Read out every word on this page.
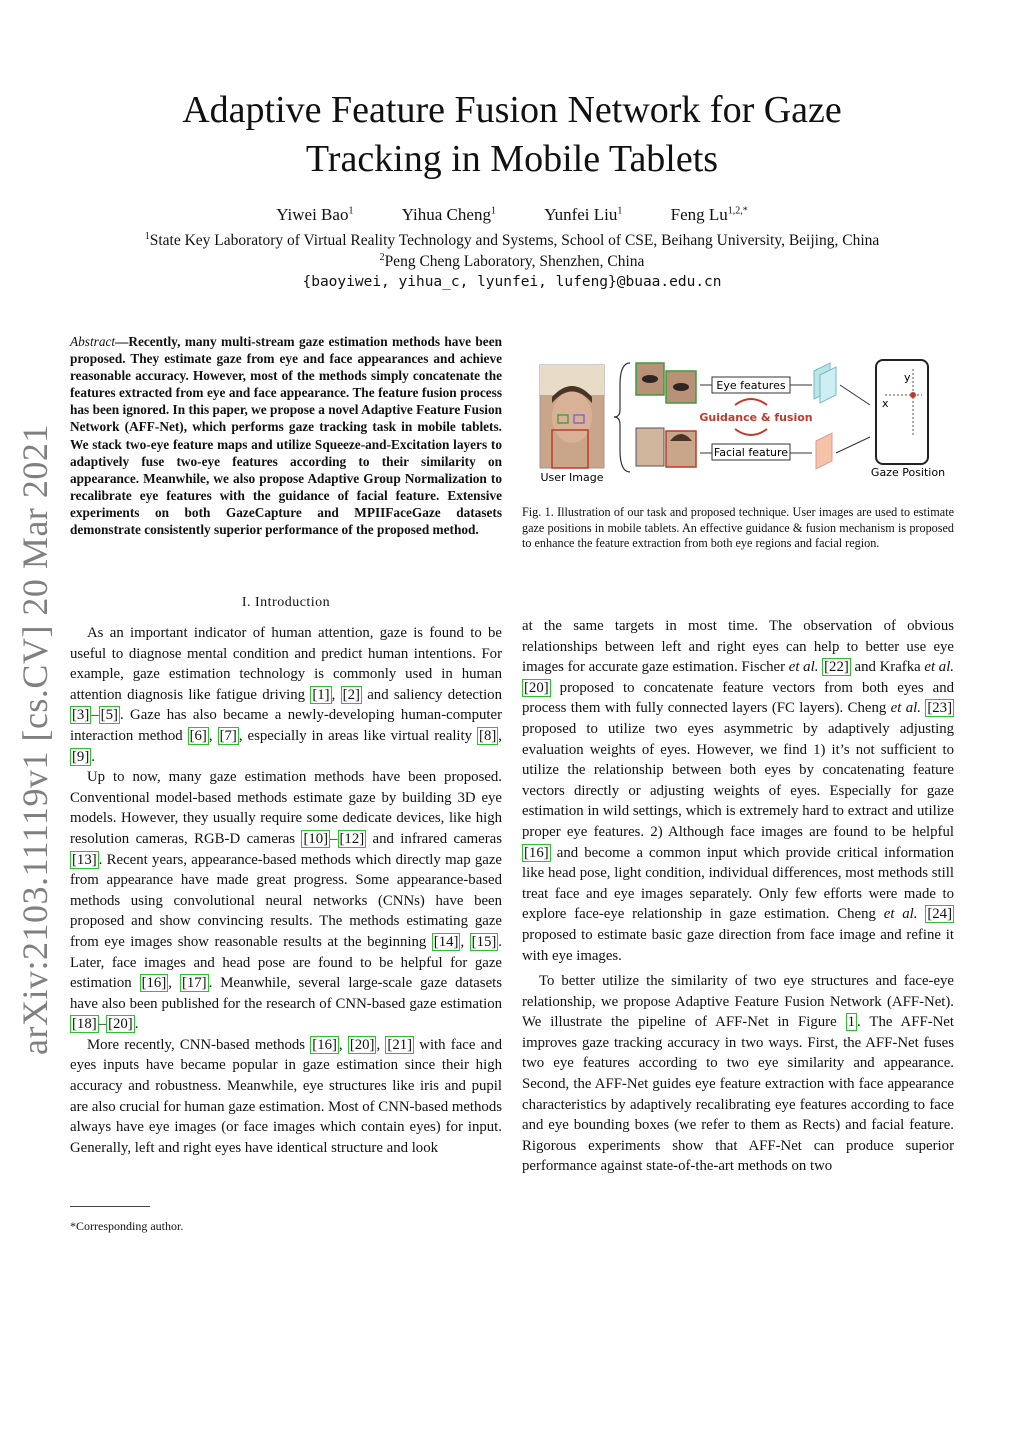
arXiv:2103.11119v1 [cs.CV] 20 Mar 2021
Adaptive Feature Fusion Network for Gaze
Tracking in Mobile Tablets
Yiwei Bao$^1$	Yihua Cheng$^1$	Yunfei Liu$^1$	Feng $Lu^{1,2,*}$
$^1$State Key Laboratory of Virtual Reality Technology and Systems, School of CSE, Beihang University, Beijing, China
$^2$Peng Cheng Laboratory, Shenzhen, China
{baoyiwei, yihua_c, lyunfei, lufeng}@buaa.edu.cn
Abstract—Recently, many multi-stream gaze estimation methods have been proposed. They estimate gaze from eye and face appearances and achieve reasonable accuracy. However, most of the methods simply concatenate the features extracted from eye and face appearance. The feature fusion process has been ignored. In this paper, we propose a novel Adaptive Feature Fusion Network (AFF-Net), which performs gaze tracking task in mobile tablets. We stack two-eye feature maps and utilize Squeeze-and-Excitation layers to adaptively fuse two-eye features according to their similarity on appearance. Meanwhile, we also propose Adaptive Group Normalization to recalibrate eye features with the guidance of facial feature. Extensive experiments on both GazeCapture and MPIIFaceGaze datasets demonstrate consistently superior performance of the proposed method.
I. Introduction

As an important indicator of human attention, gaze is found to be useful to diagnose mental condition and predict human intentions. For example, gaze estimation technology is commonly used in human attention diagnosis like fatigue driving [1] , [2] and saliency detection [3] – [5] . Gaze has also became a newly-developing human-computer interaction method [6] , [7] , especially in areas like virtual reality [8] , [9] .

Up to now, many gaze estimation methods have been proposed. Conventional model-based methods estimate gaze by building 3D eye models. However, they usually require some dedicate devices, like high resolution cameras, RGB-D cameras [10] – [12] and infrared cameras [13] . Recent years, appearance-based methods which directly map gaze from appearance have made great progress. Some appearance-based methods using convolutional neural networks (CNNs) have been proposed and show convincing results. The methods estimating gaze from eye images show reasonable results at the beginning [14] , [15] . Later, face images and head pose are found to be helpful for gaze estimation [16] , [17] . Meanwhile, several large-scale gaze datasets have also been published for the research of CNN-based gaze estimation [18] – [20] .

More recently, CNN-based methods [16] , [20] , [21] with face and eyes inputs have became popular in gaze estimation since their high accuracy and robustness. Meanwhile, eye structures like iris and pupil are also crucial for human gaze estimation. Most of CNN-based methods always have eye images (or face images which contain eyes) for input. Generally, left and right eyes have identical structure and look

*Corresponding author.
User Image
Eye features
Facial feature
Guidance & fusion
y
x
Gaze Position
Fig. 1. Illustration of our task and proposed technique. User images are used to estimate gaze positions in mobile tablets. An effective guidance & fusion mechanism is proposed to enhance the feature extraction from both eye regions and facial region.

at the same targets in most time. The observation of obvious relationships between left and right eyes can help to better use eye images for accurate gaze estimation. Fischer et al. [22] and Krafka et al. [20] proposed to concatenate feature vectors from both eyes and process them with fully connected layers (FC layers). Cheng et al. [23] proposed to utilize two eyes asymmetric by adaptively adjusting evaluation weights of eyes. However, we find 1) it’s not sufficient to utilize the relationship between both eyes by concatenating feature vectors directly or adjusting weights of eyes. Especially for gaze estimation in wild settings, which is extremely hard to extract and utilize proper eye features. 2) Although face images are found to be helpful [16] and become a common input which provide critical information like head pose, light condition, individual differences, most methods still treat face and eye images separately. Only few efforts were made to explore face-eye relationship in gaze estimation. Cheng et al. [24] proposed to estimate basic gaze direction from face image and refine it with eye images.

To better utilize the similarity of two eye structures and face-eye relationship, we propose Adaptive Feature Fusion Network (AFF-Net). We illustrate the pipeline of AFF-Net in Figure 1 . The AFF-Net improves gaze tracking accuracy in two ways. First, the AFF-Net fuses two eye features according to two eye similarity and appearance. Second, the AFF-Net guides eye feature extraction with face appearance characteristics by adaptively recalibrating eye features according to face and eye bounding boxes (we refer to them as Rects) and facial feature. Rigorous experiments show that AFF-Net can produce superior performance against state-of-the-art methods on two
